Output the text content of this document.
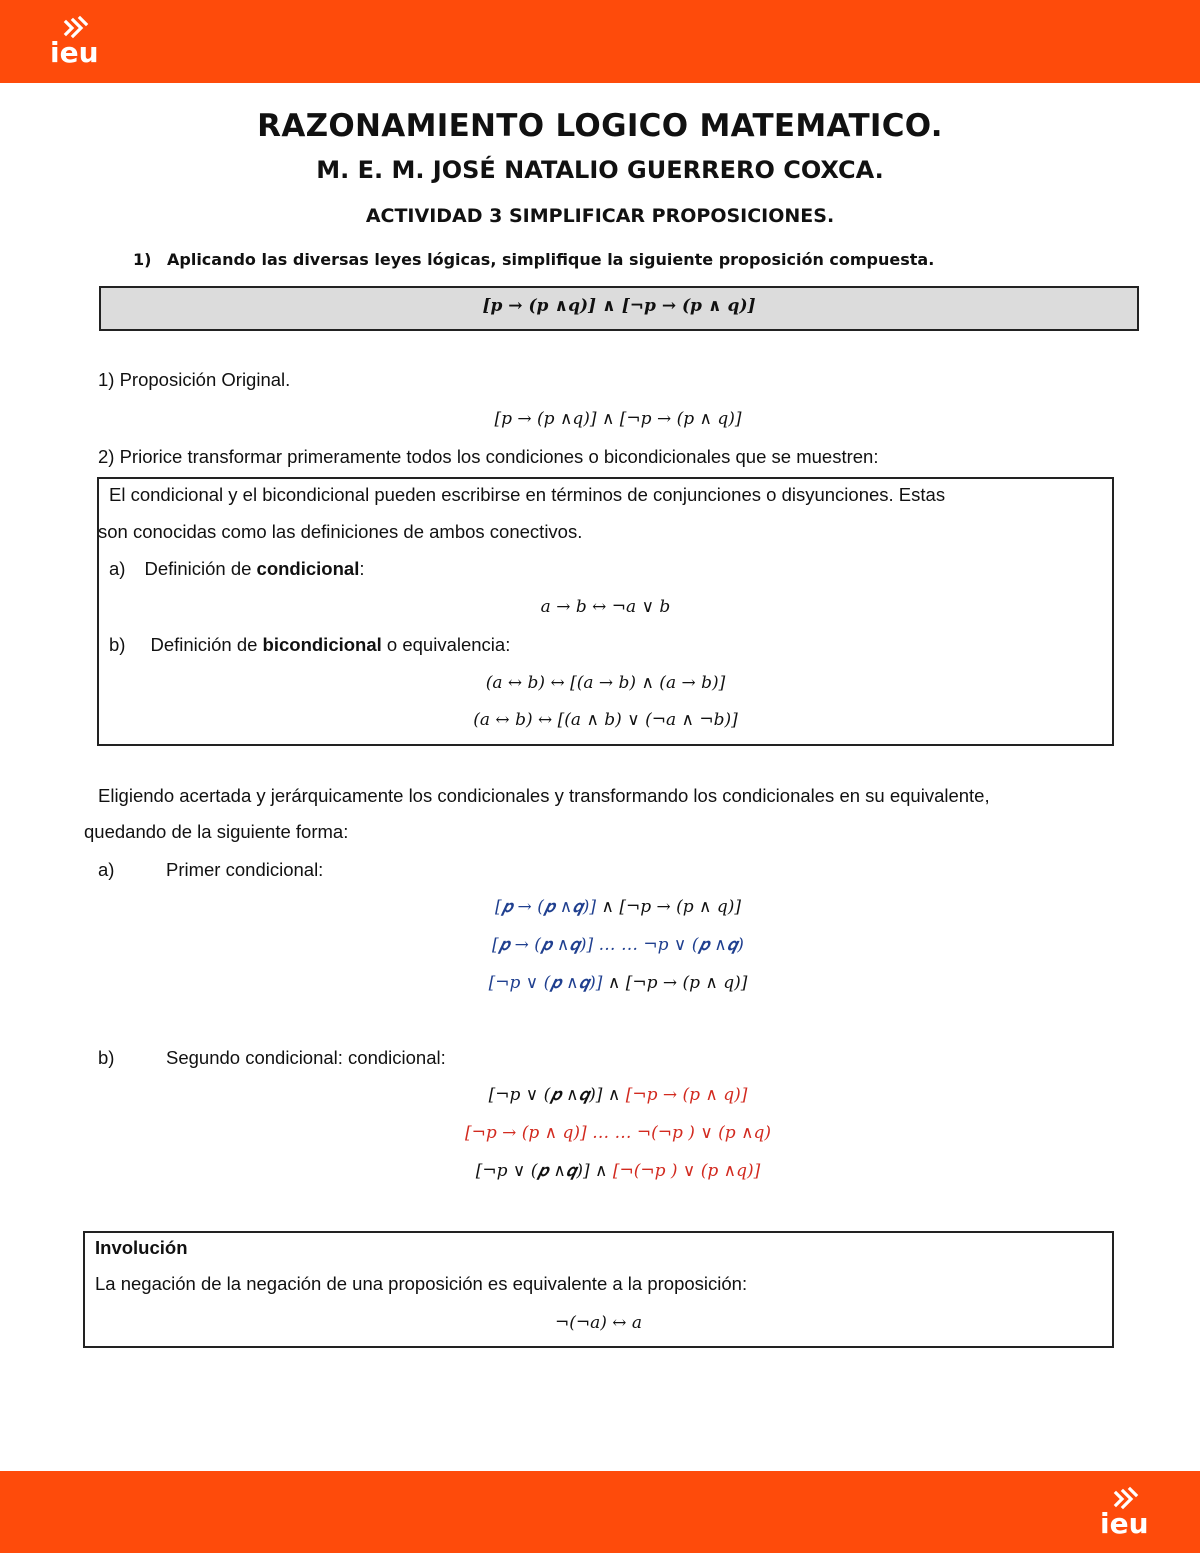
ieu
RAZONAMIENTO LOGICO MATEMATICO.
M. E. M. JOSÉ NATALIO GUERRERO COXCA.
ACTIVIDAD 3 SIMPLIFICAR PROPOSICIONES.
1) Aplicando las diversas leyes lógicas, simplifique la siguiente proposición compuesta.
[𝒑 → (𝒑 ∧𝒒)] ∧ [¬𝒑 → (𝒑 ∧ 𝒒)]
1) Proposición Original.
[p → (p ∧q)] ∧ [¬p → (p ∧ q)]
2) Priorice transformar primeramente todos los condiciones o bicondicionales que se muestren:
El condicional y el bicondicional pueden escribirse en términos de conjunciones o disyunciones. Estas
son conocidas como las definiciones de ambos conectivos.
a) Definición de condicional:
a → b ↔ ¬a ∨ b
b) Definición de bicondicional o equivalencia:
(a ↔ b) ↔ [(a → b) ∧ (a → b)]
(a ↔ b) ↔ [(a ∧ b) ∨ (¬a ∧ ¬b)]
Eligiendo acertada y jerárquicamente los condicionales y transformando los condicionales en su equivalente,
quedando de la siguiente forma:
a)	Primer condicional:
[𝒑 → (𝒑 ∧𝒒)] ∧ [¬p → (p ∧ q)]
[𝒑 → (𝒑 ∧𝒒)] … … ¬p ∨ (𝒑 ∧𝒒)
[¬p ∨ (𝒑 ∧𝒒)] ∧ [¬p → (p ∧ q)]
b)	Segundo condicional: condicional:
[¬p ∨ (𝒑 ∧𝒒)] ∧ [¬p → (p ∧ q)]
[¬p → (p ∧ q)] … … ¬(¬p ) ∨ (p ∧q)
[¬p ∨ (𝒑 ∧𝒒)] ∧ [¬(¬p ) ∨ (p ∧q)]
Involución
La negación de la negación de una proposición es equivalente a la proposición:
¬(¬a) ↔ a
ieu
